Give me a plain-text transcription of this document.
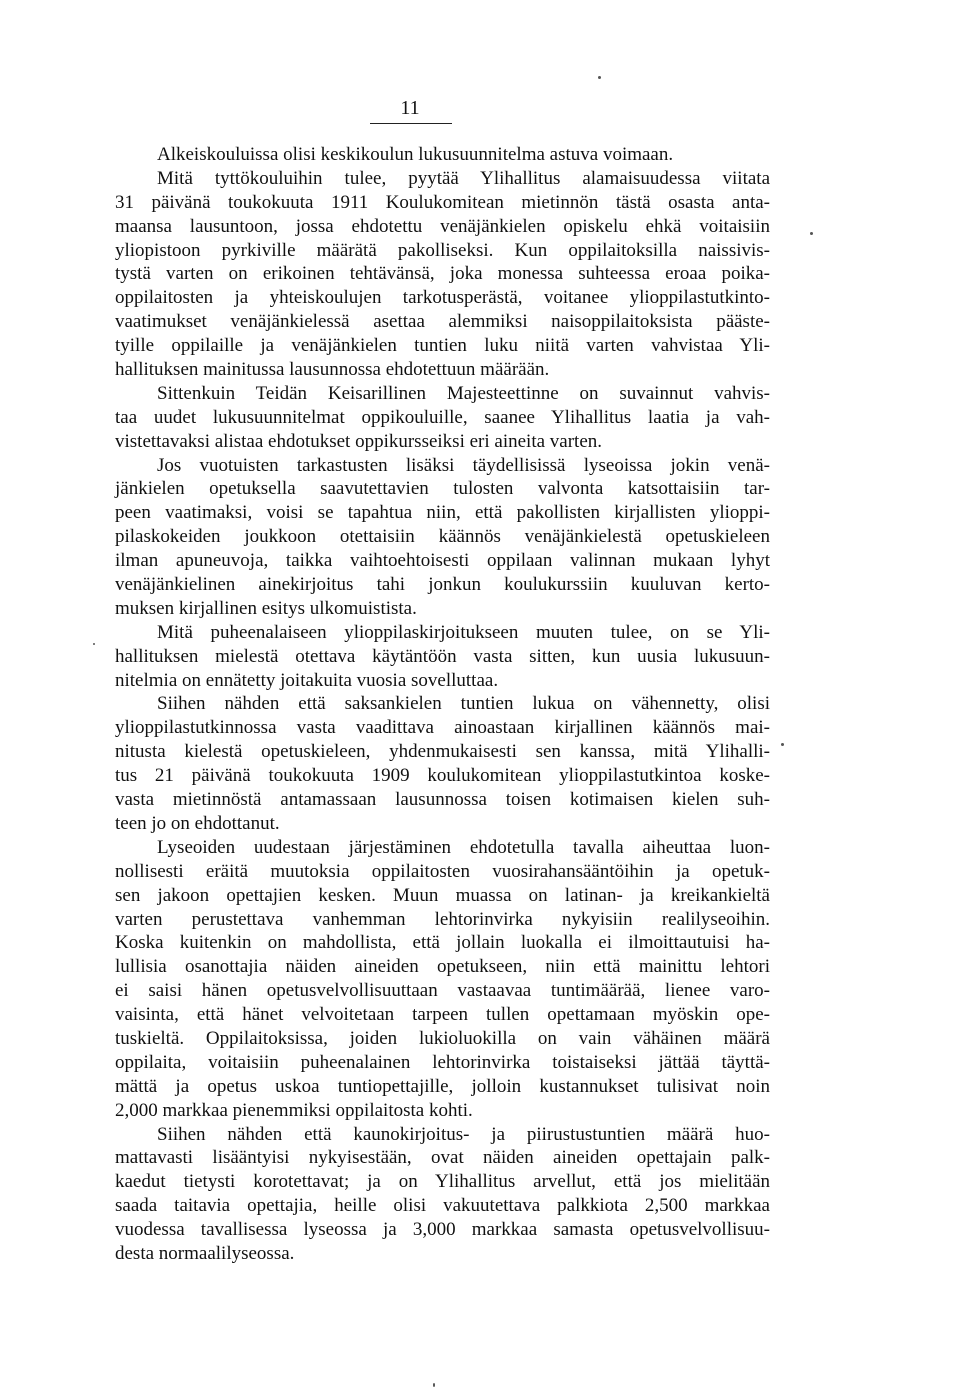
11
Alkeiskouluissa olisi keskikoulun lukusuunnitelma astuva voimaan.
Mitä tyttökouluihin tulee, pyytää Ylihallitus alamaisuudessa viitata
31 päivänä toukokuuta 1911 Koulukomitean mietinnön tästä osasta anta-
maansa lausuntoon, jossa ehdotettu venäjänkielen opiskelu ehkä voitaisiin
yliopistoon pyrkiville määrätä pakolliseksi. Kun oppilaitoksilla naissivis-
tystä varten on erikoinen tehtävänsä, joka monessa suhteessa eroaa poika-
oppilaitosten ja yhteiskoulujen tarkotusperästä, voitanee ylioppilastutkinto-
vaatimukset venäjänkielessä asettaa alemmiksi naisoppilaitoksista pääste-
tyille oppilaille ja venäjänkielen tuntien luku niitä varten vahvistaa Yli-
hallituksen mainitussa lausunnossa ehdotettuun määrään.
Sittenkuin Teidän Keisarillinen Majesteettinne on suvainnut vahvis-
taa uudet lukusuunnitelmat oppikouluille, saanee Ylihallitus laatia ja vah-
vistettavaksi alistaa ehdotukset oppikursseiksi eri aineita varten.
Jos vuotuisten tarkastusten lisäksi täydellisissä lyseoissa jokin venä-
jänkielen opetuksella saavutettavien tulosten valvonta katsottaisiin tar-
peen vaatimaksi, voisi se tapahtua niin, että pakollisten kirjallisten ylioppi-
pilaskokeiden joukkoon otettaisiin käännös venäjänkielestä opetuskieleen
ilman apuneuvoja, taikka vaihtoehtoisesti oppilaan valinnan mukaan lyhyt
venäjänkielinen ainekirjoitus tahi jonkun koulukurssiin kuuluvan kerto-
muksen kirjallinen esitys ulkomuistista.
Mitä puheenalaiseen ylioppilaskirjoitukseen muuten tulee, on se Yli-
hallituksen mielestä otettava käytäntöön vasta sitten, kun uusia lukusuun-
nitelmia on ennätetty joitakuita vuosia sovelluttaa.
Siihen nähden että saksankielen tuntien lukua on vähennetty, olisi
ylioppilastutkinnossa vasta vaadittava ainoastaan kirjallinen käännös mai-
nitusta kielestä opetuskieleen, yhdenmukaisesti sen kanssa, mitä Ylihalli-
tus 21 päivänä toukokuuta 1909 koulukomitean ylioppilastutkintoa koske-
vasta mietinnöstä antamassaan lausunnossa toisen kotimaisen kielen suh-
teen jo on ehdottanut.
Lyseoiden uudestaan järjestäminen ehdotetulla tavalla aiheuttaa luon-
nollisesti eräitä muutoksia oppilaitosten vuosirahansääntöihin ja opetuk-
sen jakoon opettajien kesken. Muun muassa on latinan- ja kreikankieltä
varten perustettava vanhemman lehtorinvirka nykyisiin realilyseoihin.
Koska kuitenkin on mahdollista, että jollain luokalla ei ilmoittautuisi ha-
lullisia osanottajia näiden aineiden opetukseen, niin että mainittu lehtori
ei saisi hänen opetusvelvollisuuttaan vastaavaa tuntimäärää, lienee varo-
vaisinta, että hänet velvoitetaan tarpeen tullen opettamaan myöskin ope-
tuskieltä. Oppilaitoksissa, joiden lukioluokilla on vain vähäinen määrä
oppilaita, voitaisiin puheenalainen lehtorinvirka toistaiseksi jättää täyttä-
mättä ja opetus uskoa tuntiopettajille, jolloin kustannukset tulisivat noin
2,000 markkaa pienemmiksi oppilaitosta kohti.
Siihen nähden että kaunokirjoitus- ja piirustustuntien määrä huo-
mattavasti lisääntyisi nykyisestään, ovat näiden aineiden opettajain palk-
kaedut tietysti korotettavat; ja on Ylihallitus arvellut, että jos mielitään
saada taitavia opettajia, heille olisi vakuutettava palkkiota 2,500 markkaa
vuodessa tavallisessa lyseossa ja 3,000 markkaa samasta opetusvelvollisuu-
desta normaalilyseossa.
